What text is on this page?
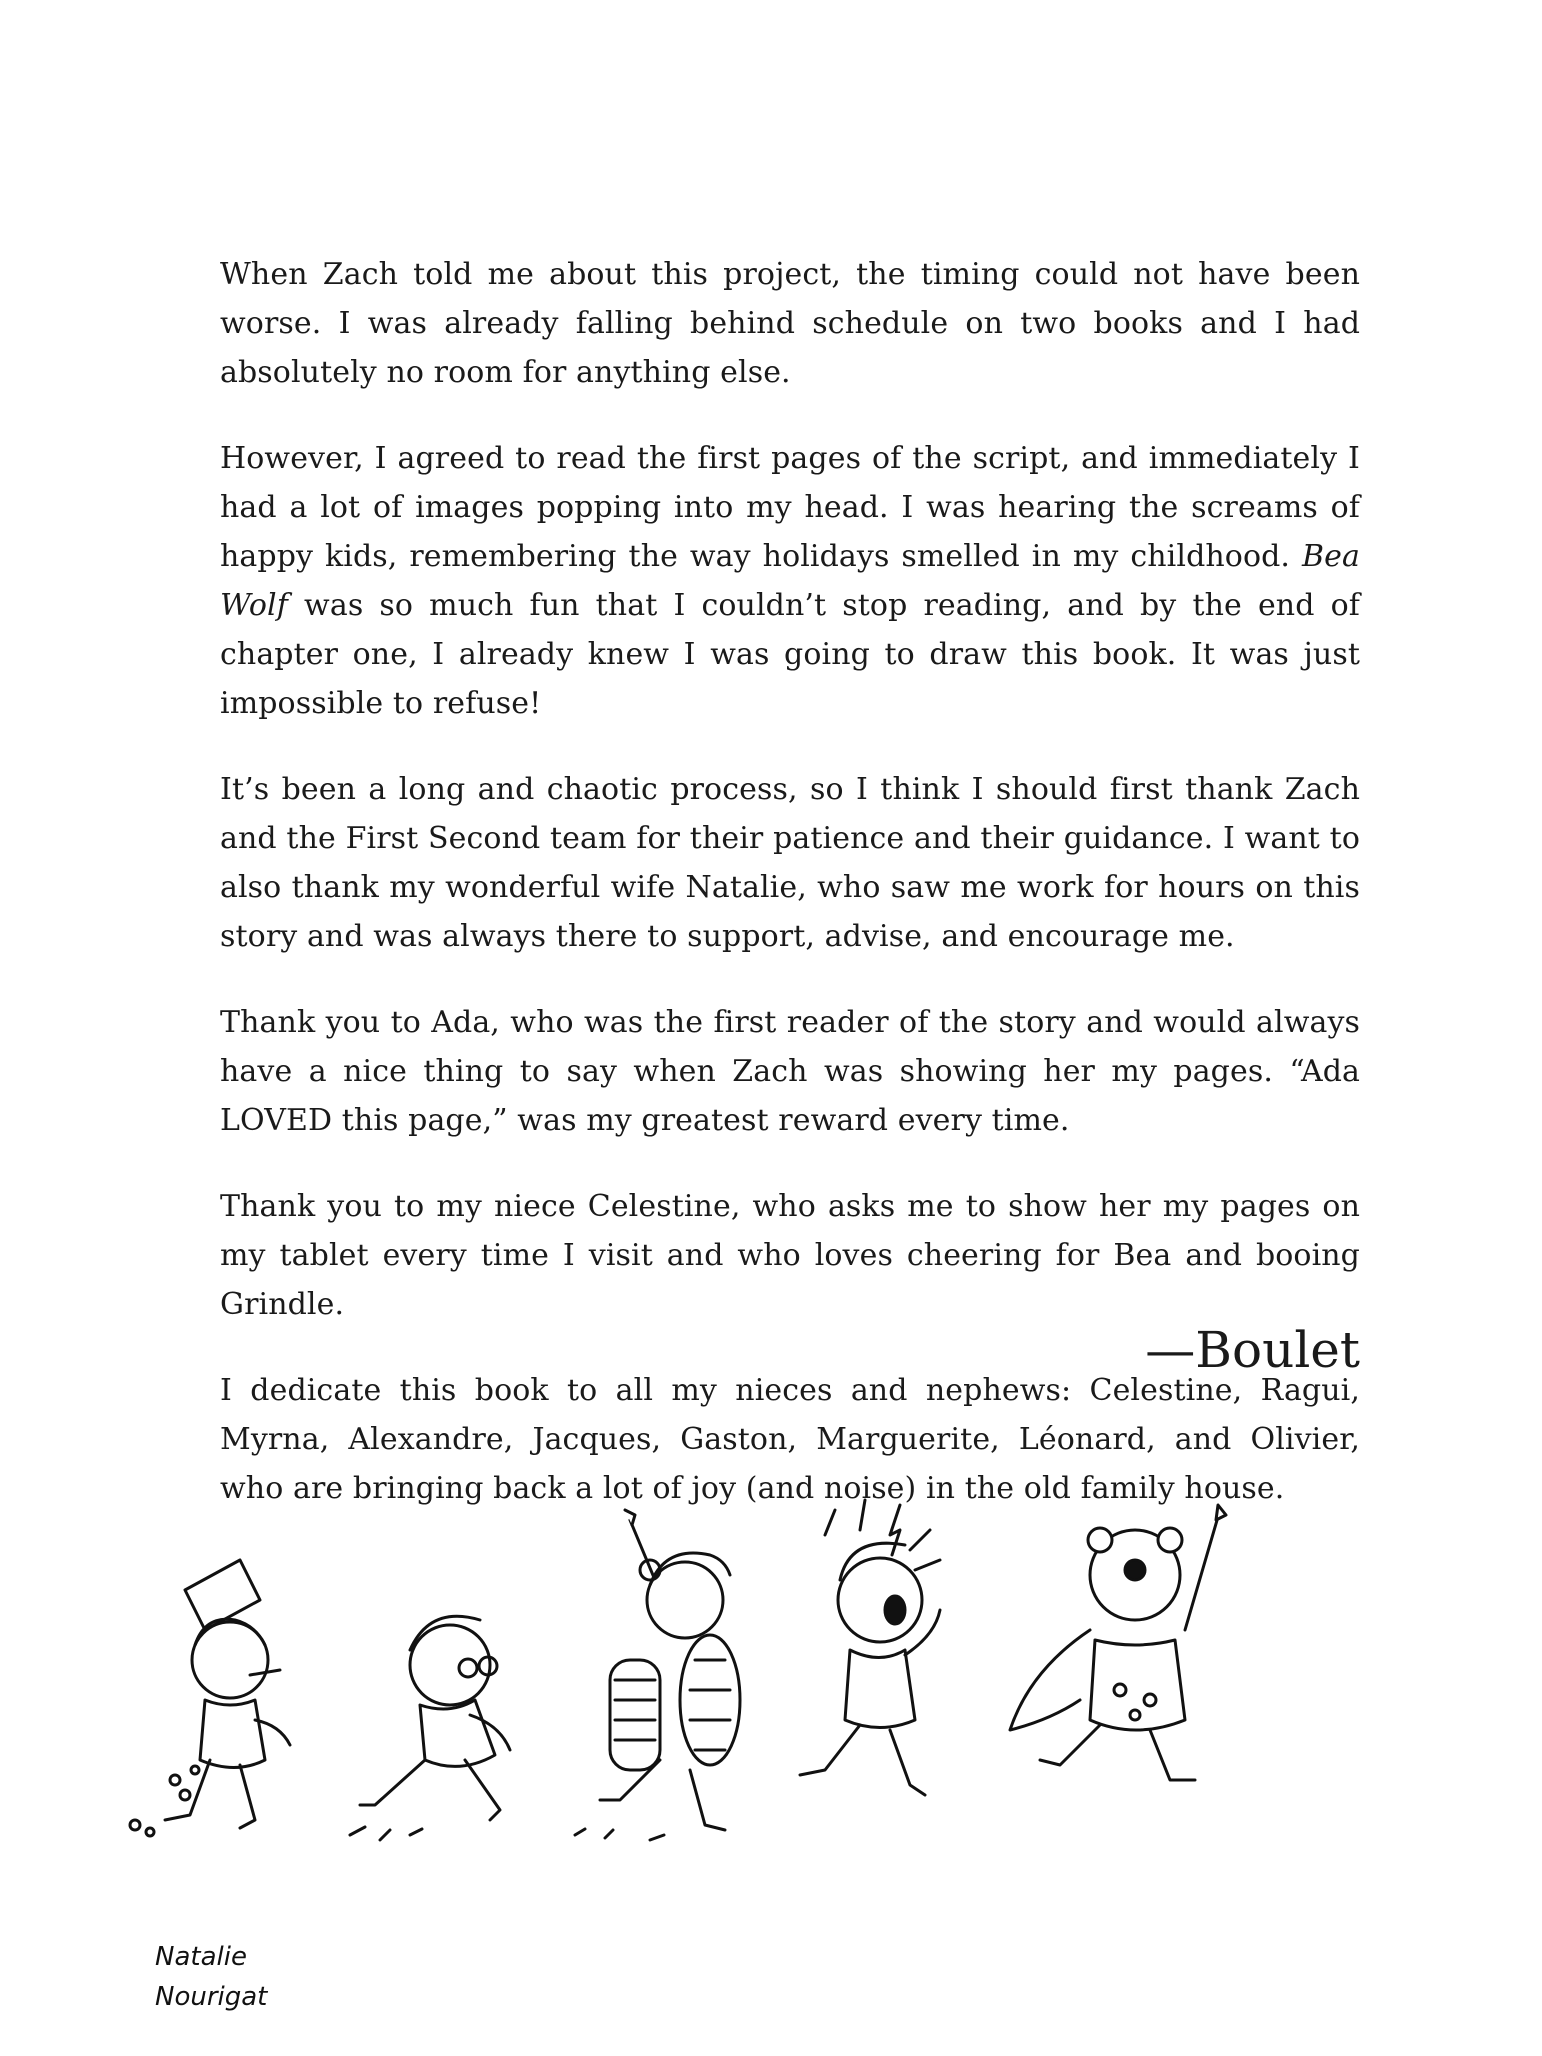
When Zach told me about this project, the timing could not have been worse. I was already falling behind schedule on two books and I had absolutely no room for anything else.

However, I agreed to read the first pages of the script, and immediately I had a lot of images popping into my head. I was hearing the screams of happy kids, remembering the way holidays smelled in my childhood. Bea Wolf was so much fun that I couldn’t stop reading, and by the end of chapter one, I already knew I was going to draw this book. It was just impossible to refuse!

It’s been a long and chaotic process, so I think I should first thank Zach and the First Second team for their patience and their guidance. I want to also thank my wonderful wife Natalie, who saw me work for hours on this story and was always there to support, advise, and encourage me.

Thank you to Ada, who was the first reader of the story and would always have a nice thing to say when Zach was showing her my pages. “Ada LOVED this page,” was my greatest reward every time.

Thank you to my niece Celestine, who asks me to show her my pages on my tablet every time I visit and who loves cheering for Bea and booing Grindle.

I dedicate this book to all my nieces and nephews: Celestine, Ragui, Myrna, Alexandre, Jacques, Gaston, Marguerite, Léonard, and Olivier, who are bringing back a lot of joy (and noise) in the old family house.

—Boulet
Natalie
Nourigat
